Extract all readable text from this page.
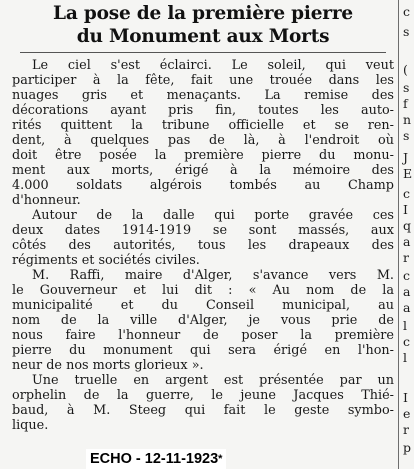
La pose de la première pierre
du Monument aux Morts

Le ciel s'est éclairci. Le soleil, qui veut
participer à la fête, fait une trouée dans les
nuages gris et menaçants. La remise des
décorations ayant pris fin, toutes les auto-
rités quittent la tribune officielle et se ren-
dent, à quelques pas de là, à l'endroit où
doit être posée la première pierre du monu-
ment aux morts, érigé à la mémoire des
4.000 soldats algérois tombés au Champ
d'honneur.

Autour de la dalle qui porte gravée ces
deux dates 1914-1919 se sont massés, aux
côtés des autorités, tous les drapeaux des
régiments et sociétés civiles.

M. Raffi, maire d'Alger, s'avance vers M.
le Gouverneur et lui dit : « Au nom de la
municipalité et du Conseil municipal, au
nom de la ville d'Alger, je vous prie de
nous faire l'honneur de poser la première
pierre du monument qui sera érigé en l'hon-
neur de nos morts glorieux ».

Une truelle en argent est présentée par un
orphelin de la guerre, le jeune Jacques Thié-
baud, à M. Steeg qui fait le geste symbo-
lique.

c
s
(
s
f
n
s
J
E
c
I
q
a
r
c
a
a
l
c
l
I
e
r
p
ECHO - 12-11-1923*
